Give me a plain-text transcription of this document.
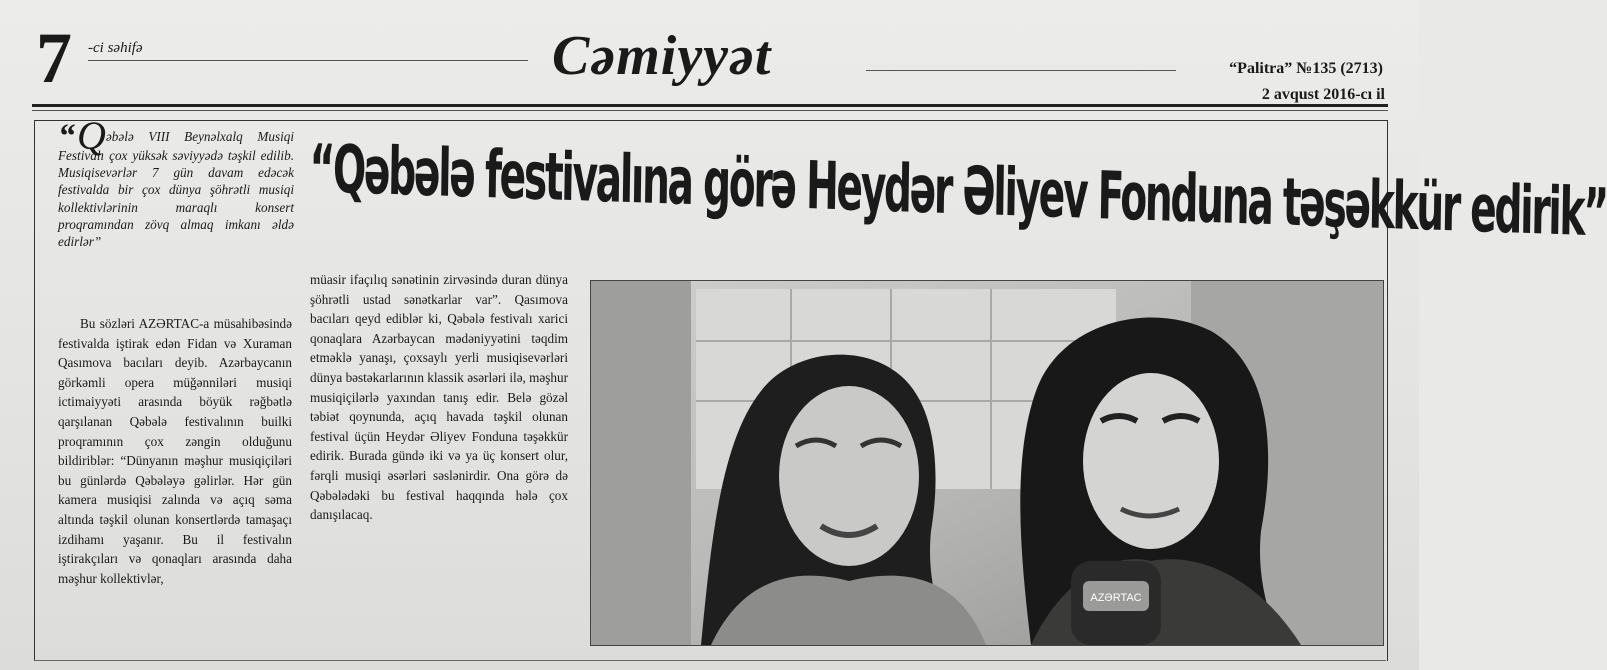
7 -ci səhifə	Cəmiyyət	“Palitra” №135 (2713)
2 avqust 2016-cı il
“Qəbələ festivalına görə Heydər Əliyev Fonduna təşəkkür edirik”
“Qəbələ VIII Beynəlxalq Musiqi Festivalı çox yüksək səviyyədə təşkil edilib. Musiqisevərlər 7 gün davam edəcək festivalda bir çox dünya şöhrətli musiqi kollektivlərinin maraqlı konsert proqramından zövq almaq imkanı əldə edirlər”

Bu sözləri AZƏRTAC-a müsahibəsində festivalda iştirak edən Fidan və Xuraman Qasımova bacıları deyib. Azərbaycanın görkəmli opera müğənniləri musiqi ictimaiyyəti arasında böyük rəğbətlə qarşılanan Qəbələ festivalının builki proqramının çox zəngin olduğunu bildiriblər: “Dünyanın məşhur musiqiçiləri bu günlərdə Qəbələyə gəlirlər. Hər gün kamera musiqisi zalında və açıq səma altında təşkil olunan konsertlərdə tamaşaçı izdihamı yaşanır. Bu il festivalın iştirakçıları və qonaqları arasında daha məşhur kollektivlər,

müasir ifaçılıq sənətinin zirvəsində duran dünya şöhrətli ustad sənətkarlar var”. Qasımova bacıları qeyd ediblər ki, Qəbələ festivalı xarici qonaqlara Azərbaycan mədəniyyətini təqdim etməklə yanaşı, çoxsaylı yerli musiqisevərləri dünya bəstəkarlarının klassik əsərləri ilə, məşhur musiqiçilərlə yaxından tanış edir. Belə gözəl təbiət qoynunda, açıq havada təşkil olunan festival üçün Heydər Əliyev Fonduna təşəkkür edirik. Burada gündə iki və ya üç konsert olur, fərqli musiqi əsərləri səslənirdir. Ona görə də Qəbələdəki bu festival haqqında hələ çox danışılacaq.

AZƏRTAC
